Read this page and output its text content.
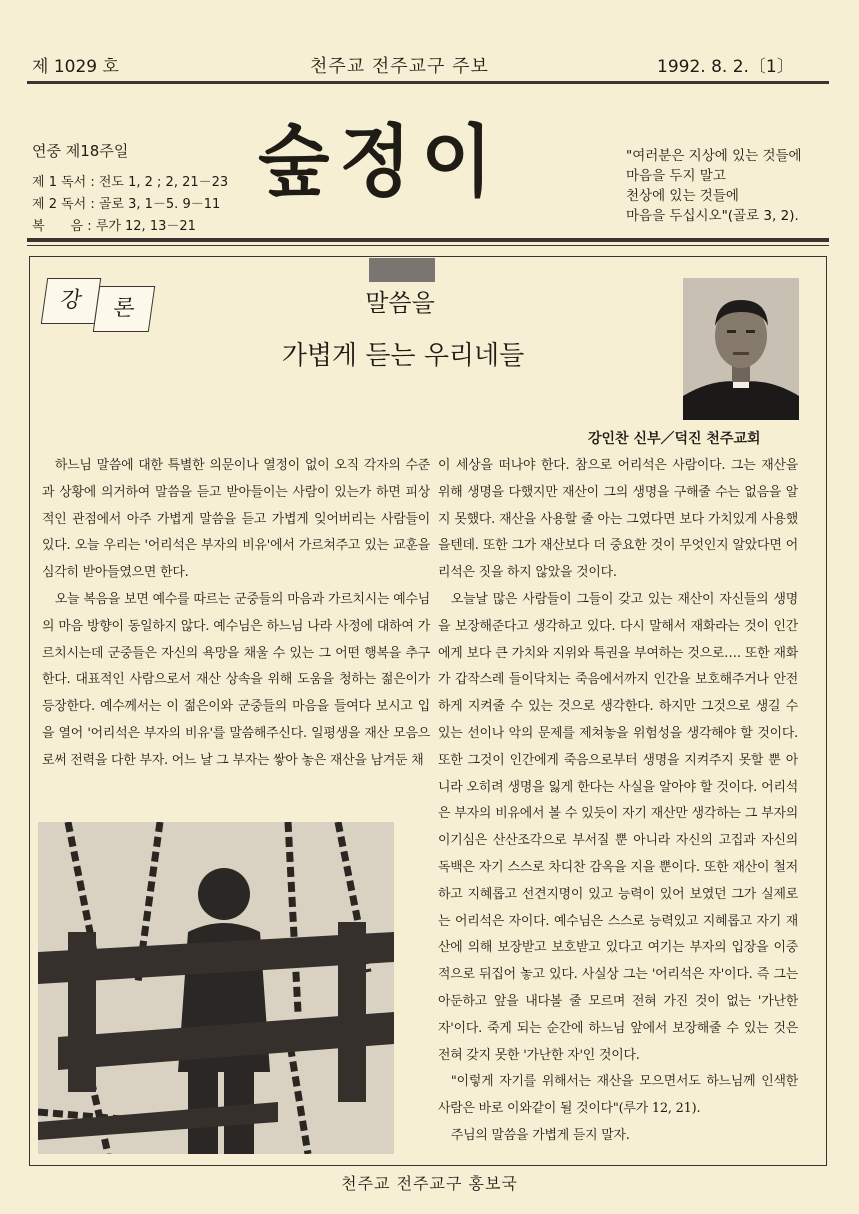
제 1029 호	천주교 전주교구 주보	1992. 8. 2.〔1〕
연중 제18주일
제 1 독서 : 전도 1, 2 ; 2, 21－23
제 2 독서 : 골로 3, 1－5. 9－11
복　　음 : 루가 12, 13－21
숲정이	"여러분은 지상에 있는 것들에

마음을 두지 말고

천상에 있는 것들에

마음을 두십시오"(골로 3, 2).

강	론	말씀을
가볍게 듣는 우리네들
강인찬 신부／덕진 천주교회

하느님 말씀에 대한 특별한 의문이나 열정이 없이 오직 각자의 수준과 상황에 의거하여 말씀을 듣고 받아들이는 사람이 있는가 하면 피상적인 관점에서 아주 가볍게 말씀을 듣고 가볍게 잊어버리는 사람들이 있다. 오늘 우리는 '어리석은 부자의 비유'에서 가르쳐주고 있는 교훈을 심각히 받아들였으면 한다.

오늘 복음을 보면 예수를 따르는 군중들의 마음과 가르치시는 예수님의 마음 방향이 동일하지 않다. 예수님은 하느님 나라 사정에 대하여 가르치시는데 군중들은 자신의 욕망을 채울 수 있는 그 어떤 행복을 추구한다. 대표적인 사람으로서 재산 상속을 위해 도움을 청하는 젊은이가 등장한다. 예수께서는 이 젊은이와 군중들의 마음을 들여다 보시고 입을 열어 '어리석은 부자의 비유'를 말씀해주신다. 일평생을 재산 모음으로써 전력을 다한 부자. 어느 날 그 부자는 쌓아 놓은 재산을 남겨둔 채

이 세상을 떠나야 한다. 참으로 어리석은 사람이다. 그는 재산을 위해 생명을 다했지만 재산이 그의 생명을 구해줄 수는 없음을 알지 못했다. 재산을 사용할 줄 아는 그였다면 보다 가치있게 사용했을텐데. 또한 그가 재산보다 더 중요한 것이 무엇인지 알았다면 어리석은 짓을 하지 않았을 것이다.

오늘날 많은 사람들이 그들이 갖고 있는 재산이 자신들의 생명을 보장해준다고 생각하고 있다. 다시 말해서 재화라는 것이 인간에게 보다 큰 가치와 지위와 특권을 부여하는 것으로…. 또한 재화가 갑작스레 들이닥치는 죽음에서까지 인간을 보호해주거나 안전하게 지켜줄 수 있는 것으로 생각한다. 하지만 그것으로 생길 수 있는 선이나 악의 문제를 제쳐놓을 위험성을 생각해야 할 것이다. 또한 그것이 인간에게 죽음으로부터 생명을 지켜주지 못할 뿐 아니라 오히려 생명을 잃게 한다는 사실을 알아야 할 것이다. 어리석은 부자의 비유에서 볼 수 있듯이 자기 재산만 생각하는 그 부자의 이기심은 산산조각으로 부서질 뿐 아니라 자신의 고집과 자신의 독백은 자기 스스로 차디찬 감옥을 지을 뿐이다. 또한 재산이 철저하고 지혜롭고 선견지명이 있고 능력이 있어 보였던 그가 실제로는 어리석은 자이다. 예수님은 스스로 능력있고 지혜롭고 자기 재산에 의해 보장받고 보호받고 있다고 여기는 부자의 입장을 이중적으로 뒤집어 놓고 있다. 사실상 그는 '어리석은 자'이다. 즉 그는 아둔하고 앞을 내다볼 줄 모르며 전혀 가진 것이 없는 '가난한 자'이다. 죽게 되는 순간에 하느님 앞에서 보장해줄 수 있는 것은 전혀 갖지 못한 '가난한 자'인 것이다.

"이렇게 자기를 위해서는 재산을 모으면서도 하느님께 인색한 사람은 바로 이와같이 될 것이다"(루가 12, 21).

주님의 말씀을 가볍게 듣지 말자.

천주교 전주교구 홍보국
